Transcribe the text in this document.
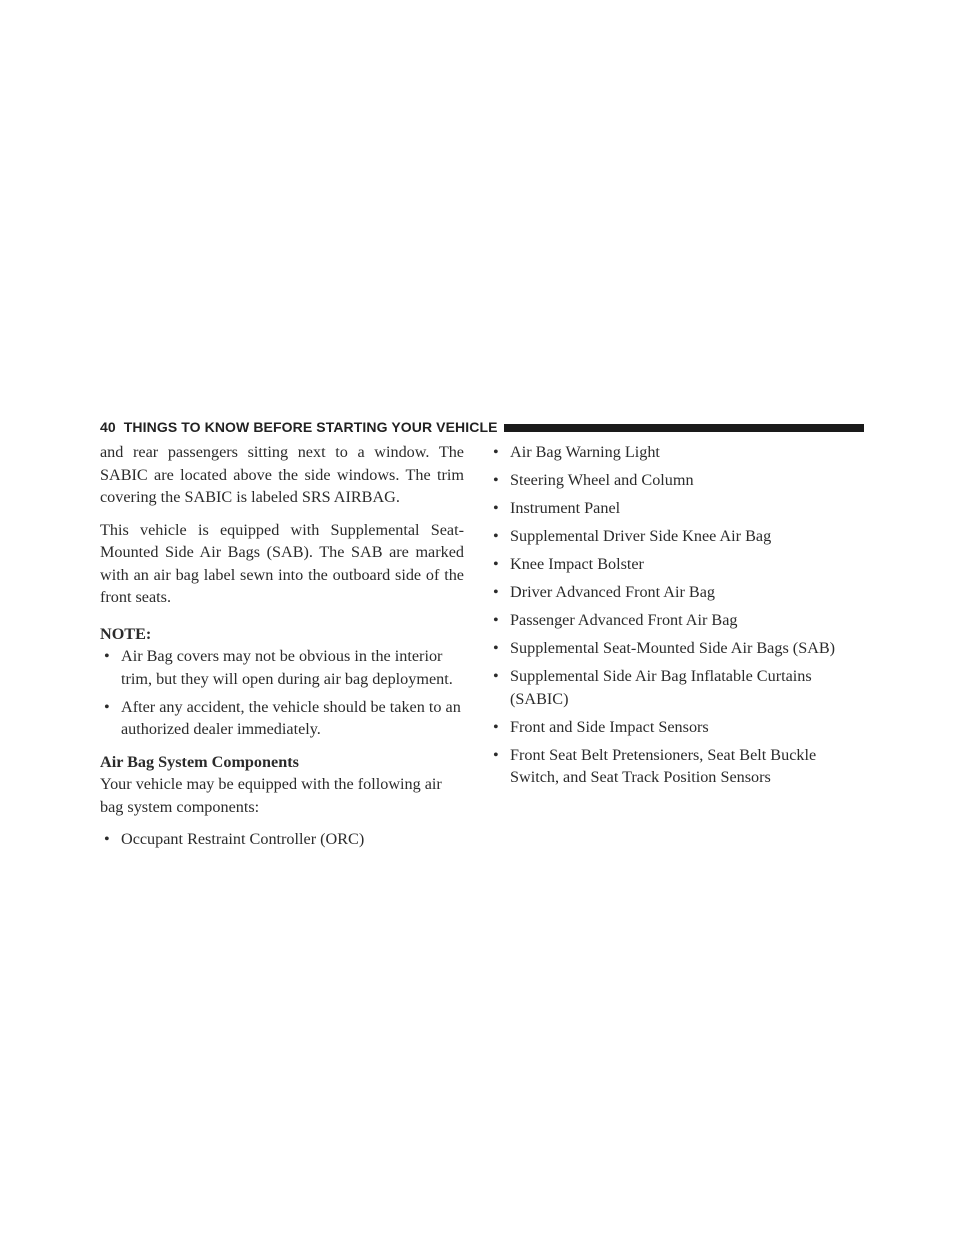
40 THINGS TO KNOW BEFORE STARTING YOUR VEHICLE

and rear passengers sitting next to a window. The SABIC are located above the side windows. The trim covering the SABIC is labeled SRS AIRBAG.

This vehicle is equipped with Supplemental Seat-Mounted Side Air Bags (SAB). The SAB are marked with an air bag label sewn into the outboard side of the front seats.

NOTE:
• Air Bag covers may not be obvious in the interior trim, but they will open during air bag deployment.
• After any accident, the vehicle should be taken to an authorized dealer immediately.
Air Bag System Components

Your vehicle may be equipped with the following air bag system components:

• Occupant Restraint Controller (ORC)
• Air Bag Warning Light
• Steering Wheel and Column
• Instrument Panel
• Supplemental Driver Side Knee Air Bag
• Knee Impact Bolster
• Driver Advanced Front Air Bag
• Passenger Advanced Front Air Bag
• Supplemental Seat-Mounted Side Air Bags (SAB)
• Supplemental Side Air Bag Inflatable Curtains (SABIC)
• Front and Side Impact Sensors
• Front Seat Belt Pretensioners, Seat Belt Buckle Switch, and Seat Track Position Sensors
